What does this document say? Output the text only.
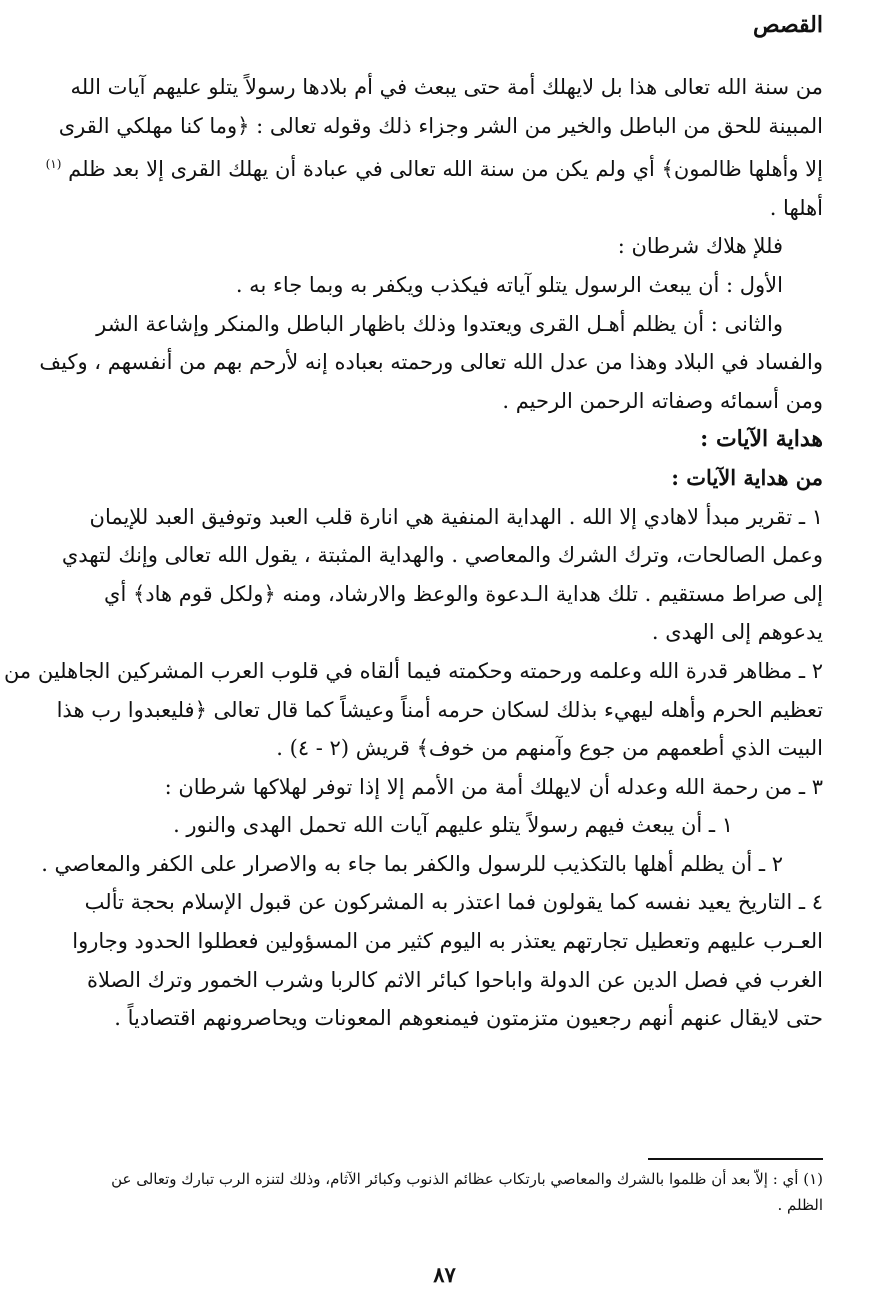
القصص

من سنة الله تعالى هذا بل لايهلك أمة حتى يبعث في أم بلادها رسولاً يتلو عليهم آيات الله
المبينة للحق من الباطل والخير من الشر وجزاء ذلك وقوله تعالى : ﴿وما كنا مهلكي القرى
إلا وأهلها ظالمون﴾ أي ولم يكن من سنة الله تعالى في عبادة أن يهلك القرى إلا بعد ظلم $^{(١)}$
أهلها .

فللإ هلاك شرطان :

الأول : أن يبعث الرسول يتلو آياته فيكذب ويكفر به وبما جاء به .

والثانى : أن يظلم أهـل القرى ويعتدوا وذلك باظهار الباطل والمنكر وإشاعة الشر
والفساد في البلاد وهذا من عدل الله تعالى ورحمته بعباده إنه لأرحم بهم من أنفسهم ، وكيف
ومن أسمائه وصفاته الرحمن الرحيم .

هداية الآيات :

من هداية الآيات :

١ ـ تقرير مبدأ لاهادي إلا الله . الهداية المنفية هي انارة قلب العبد وتوفيق العبد للإيمان
وعمل الصالحات، وترك الشرك والمعاصي . والهداية المثبتة ، يقول الله تعالى وإنك لتهدي
إلى صراط مستقيم . تلك هداية الـدعوة والوعظ والارشاد، ومنه ﴿ولكل قوم هاد﴾ أي
يدعوهم إلى الهدى .

٢ ـ مظاهر قدرة الله وعلمه ورحمته وحكمته فيما ألقاه في قلوب العرب المشركين الجاهلين من
تعظيم الحرم وأهله ليهيء بذلك لسكان حرمه أمناً وعيشاً كما قال تعالى ﴿فليعبدوا رب هذا
البيت الذي أطعمهم من جوع وآمنهم من خوف﴾ قريش (٢ - ٤) .

٣ ـ من رحمة الله وعدله أن لايهلك أمة من الأمم إلا إذا توفر لهلاكها شرطان :
١ ـ أن يبعث فيهم رسولاً يتلو عليهم آيات الله تحمل الهدى والنور .
٢ ـ أن يظلم أهلها بالتكذيب للرسول والكفر بما جاء به والاصرار على الكفر والمعاصي .

٤ ـ التاريخ يعيد نفسه كما يقولون فما اعتذر به المشركون عن قبول الإسلام بحجة تألب
العـرب عليهم وتعطيل تجارتهم يعتذر به اليوم كثير من المسؤولين فعطلوا الحدود وجاروا
الغرب في فصل الدين عن الدولة واباحوا كبائر الاثم كالربا وشرب الخمور وترك الصلاة
حتى لايقال عنهم أنهم رجعيون متزمتون فيمنعوهم المعونات ويحاصرونهم اقتصادياً .

(١) أي : إلاّ بعد أن ظلموا بالشرك والمعاصي بارتكاب عظائم الذنوب وكبائر الآثام، وذلك لتنزه الرب تبارك وتعالى عن
الظلم .
٨٧
